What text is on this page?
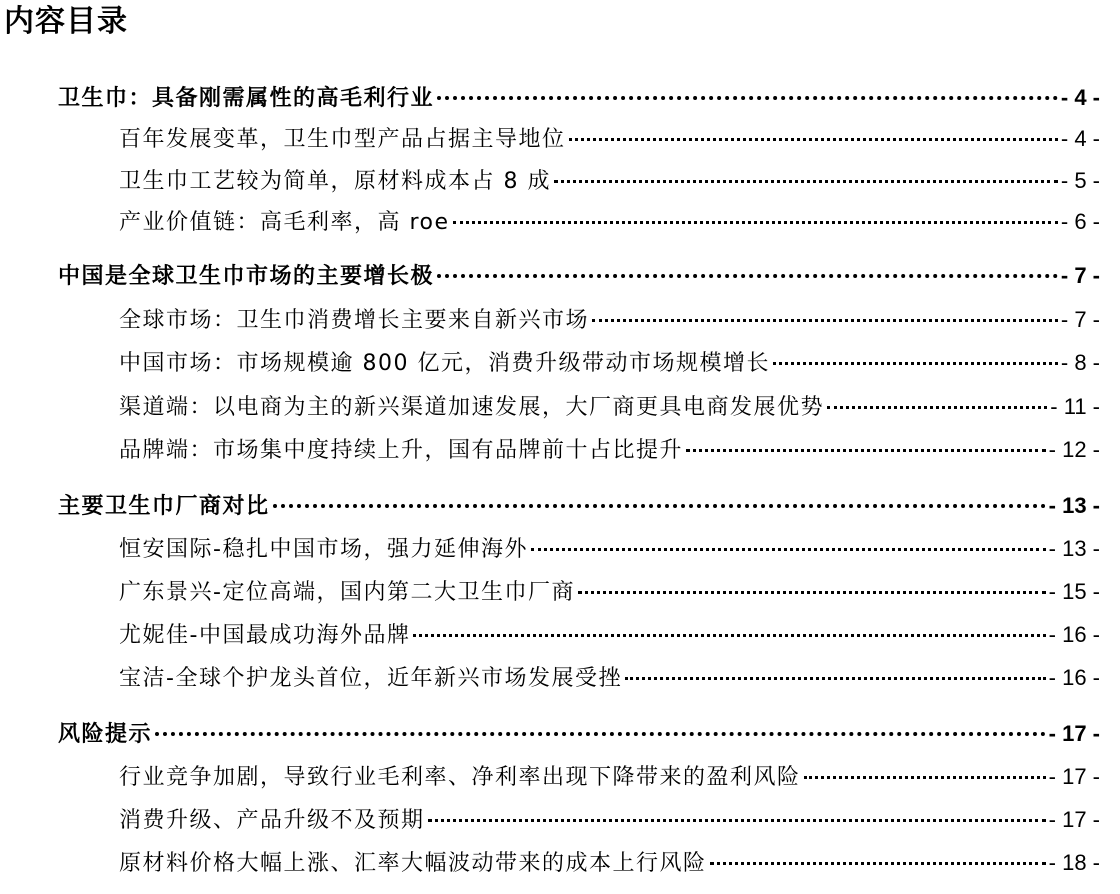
内容目录
卫生巾：具备刚需属性的高毛利行业	- 4 -
百年发展变革，卫生巾型产品占据主导地位	- 4 -
卫生巾工艺较为简单，原材料成本占 8 成	- 5 -
产业价值链：高毛利率，高 roe	- 6 -
中国是全球卫生巾市场的主要增长极	- 7 -
全球市场：卫生巾消费增长主要来自新兴市场	- 7 -
中国市场：市场规模逾 800 亿元，消费升级带动市场规模增长	- 8 -
渠道端：以电商为主的新兴渠道加速发展，大厂商更具电商发展优势	- 11 -
品牌端：市场集中度持续上升，国有品牌前十占比提升	- 12 -
主要卫生巾厂商对比	- 13 -
恒安国际-稳扎中国市场，强力延伸海外	- 13 -
广东景兴-定位高端，国内第二大卫生巾厂商	- 15 -
尤妮佳-中国最成功海外品牌	- 16 -
宝洁-全球个护龙头首位，近年新兴市场发展受挫	- 16 -
风险提示	- 17 -
行业竞争加剧，导致行业毛利率、净利率出现下降带来的盈利风险	- 17 -
消费升级、产品升级不及预期	- 17 -
原材料价格大幅上涨、汇率大幅波动带来的成本上行风险	- 18 -
